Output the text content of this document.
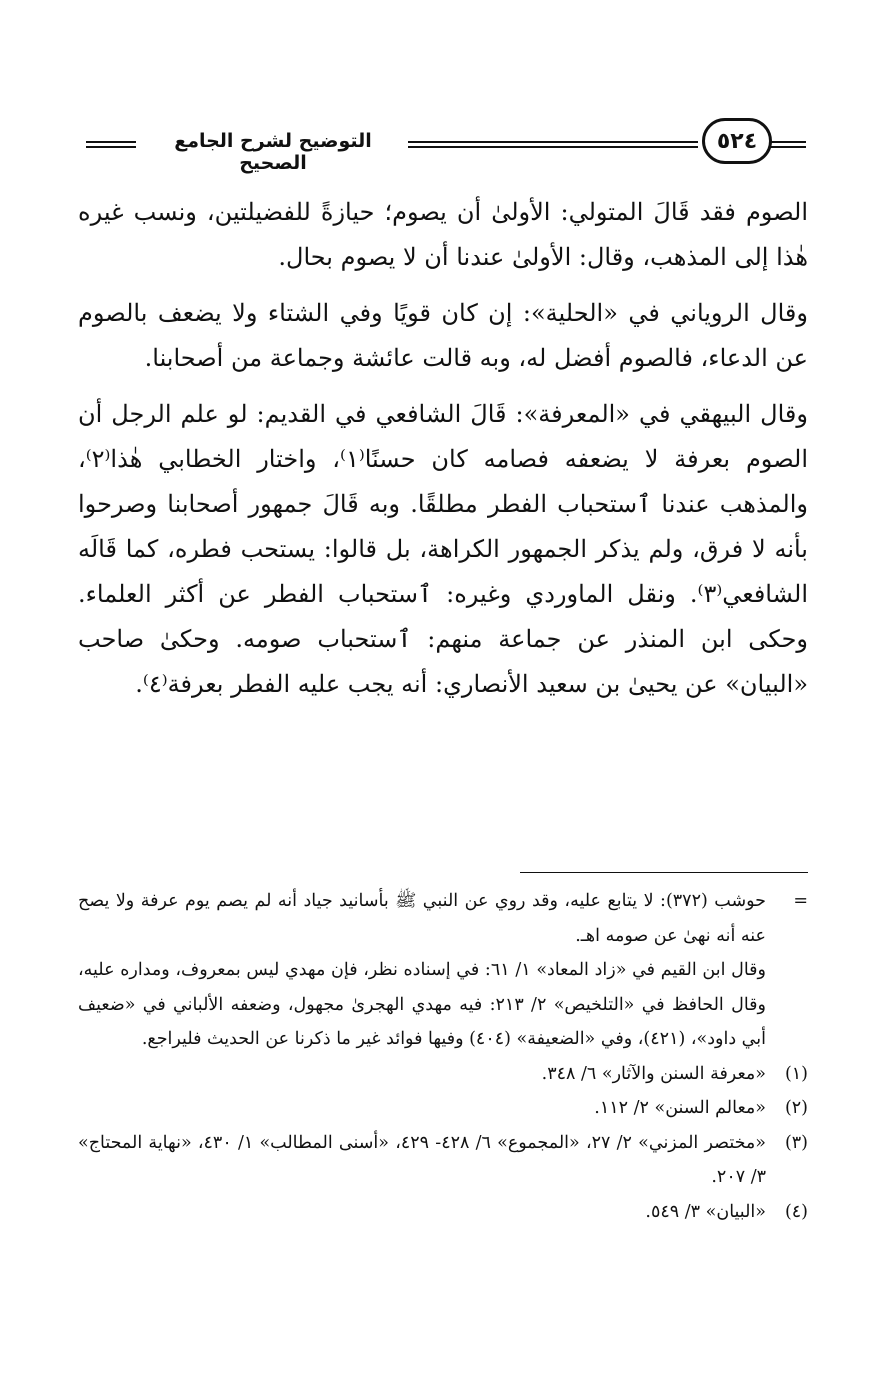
التوضيح لشرح الجامع الصحيح
٥٢٤

الصوم فقد قَالَ المتولي: الأولىٰ أن يصوم؛ حيازةً للفضيلتين، ونسب غيره هٰذا إلى المذهب، وقال: الأولىٰ عندنا أن لا يصوم بحال.

وقال الروياني في «الحلية»: إن كان قويًا وفي الشتاء ولا يضعف بالصوم عن الدعاء، فالصوم أفضل له، وبه قالت عائشة وجماعة من أصحابنا.

وقال البيهقي في «المعرفة»: قَالَ الشافعي في القديم: لو علم الرجل أن الصوم بعرفة لا يضعفه فصامه كان حسنًا⁽١⁾، واختار الخطابي هٰذا⁽٢⁾، والمذهب عندنا ٱستحباب الفطر مطلقًا. وبه قَالَ جمهور أصحابنا وصرحوا بأنه لا فرق، ولم يذكر الجمهور الكراهة، بل قالوا: يستحب فطره، كما قَالَه الشافعي⁽٣⁾. ونقل الماوردي وغيره: ٱستحباب الفطر عن أكثر العلماء. وحكى ابن المنذر عن جماعة منهم: ٱستحباب صومه. وحكىٰ صاحب «البيان» عن يحيىٰ بن سعيد الأنصاري: أنه يجب عليه الفطر بعرفة⁽٤⁾.

=

حوشب (٣٧٢): لا يتابع عليه، وقد روي عن النبي ﷺ بأسانيد جياد أنه لم يصم يوم عرفة ولا يصح عنه أنه نهىٰ عن صومه اهـ.

وقال ابن القيم في «زاد المعاد» ١/ ٦١: في إسناده نظر، فإن مهدي ليس بمعروف، ومداره عليه، وقال الحافظ في «التلخيص» ٢/ ٢١٣: فيه مهدي الهجرىٰ مجهول، وضعفه الألباني في «ضعيف أبي داود»، (٤٢١)، وفي «الضعيفة» (٤٠٤) وفيها فوائد غير ما ذكرنا عن الحديث فليراجع.

(١)
«معرفة السنن والآثار» ٦/ ٣٤٨.
(٢)
«معالم السنن» ٢/ ١١٢.
(٣)
«مختصر المزني» ٢/ ٢٧، «المجموع» ٦/ ٤٢٨- ٤٢٩، «أسنى المطالب» ١/ ٤٣٠، «نهاية المحتاج» ٣/ ٢٠٧.
(٤)
«البيان» ٣/ ٥٤٩.
